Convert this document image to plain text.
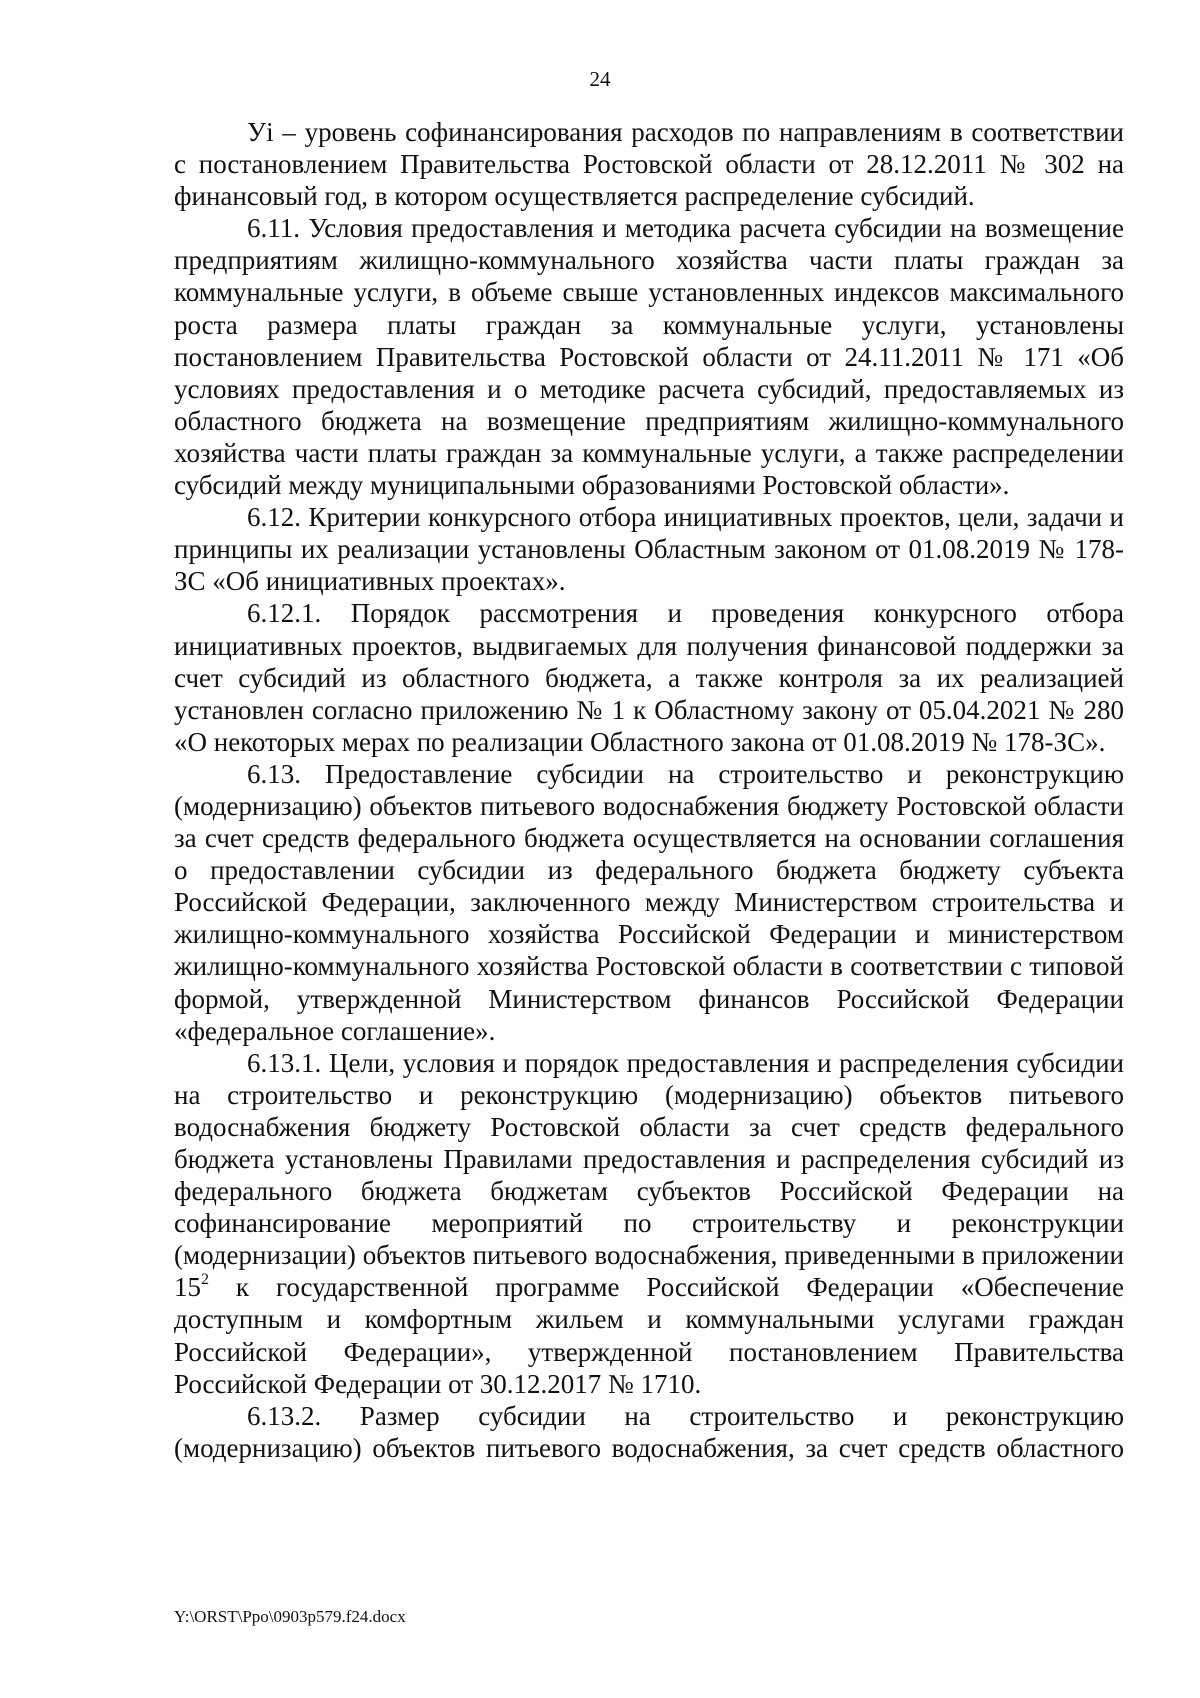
24

Уi – уровень софинансирования расходов по направлениям в соответствии с постановлением Правительства Ростовской области от 28.12.2011 № 302 на финансовый год, в котором осуществляется распределение субсидий.

6.11. Условия предоставления и методика расчета субсидии на возмещение предприятиям жилищно-коммунального хозяйства части платы граждан за коммунальные услуги, в объеме свыше установленных индексов максимального роста размера платы граждан за коммунальные услуги, установлены постановлением Правительства Ростовской области от 24.11.2011 № 171 «Об условиях предоставления и о методике расчета субсидий, предоставляемых из областного бюджета на возмещение предприятиям жилищно-коммунального хозяйства части платы граждан за коммунальные услуги, а также распределении субсидий между муниципальными образованиями Ростовской области».

6.12. Критерии конкурсного отбора инициативных проектов, цели, задачи и принципы их реализации установлены Областным законом от 01.08.2019 № 178-ЗС «Об инициативных проектах».

6.12.1. Порядок рассмотрения и проведения конкурсного отбора инициативных проектов, выдвигаемых для получения финансовой поддержки за счет субсидий из областного бюджета, а также контроля за их реализацией установлен согласно приложению № 1 к Областному закону от 05.04.2021 № 280 «О некоторых мерах по реализации Областного закона от 01.08.2019 № 178-ЗС».

6.13. Предоставление субсидии на строительство и реконструкцию (модернизацию) объектов питьевого водоснабжения бюджету Ростовской области за счет средств федерального бюджета осуществляется на основании соглашения о предоставлении субсидии из федерального бюджета бюджету субъекта Российской Федерации, заключенного между Министерством строительства и жилищно-коммунального хозяйства Российской Федерации и министерством жилищно-коммунального хозяйства Ростовской области в соответствии с типовой формой, утвержденной Министерством финансов Российской Федерации «федеральное соглашение».

6.13.1. Цели, условия и порядок предоставления и распределения субсидии на строительство и реконструкцию (модернизацию) объектов питьевого водоснабжения бюджету Ростовской области за счет средств федерального бюджета установлены Правилами предоставления и распределения субсидий из федерального бюджета бюджетам субъектов Российской Федерации на софинансирование мероприятий по строительству и реконструкции (модернизации) объектов питьевого водоснабжения, приведенными в приложении $15^2$ к государственной программе Российской Федерации «Обеспечение доступным и комфортным жильем и коммунальными услугами граждан Российской Федерации», утвержденной постановлением Правительства Российской Федерации от 30.12.2017 № 1710.

6.13.2. Размер субсидии на строительство и реконструкцию (модернизацию) объектов питьевого водоснабжения, за счет средств областного

Y:\ORST\Ppo\0903p579.f24.docx
